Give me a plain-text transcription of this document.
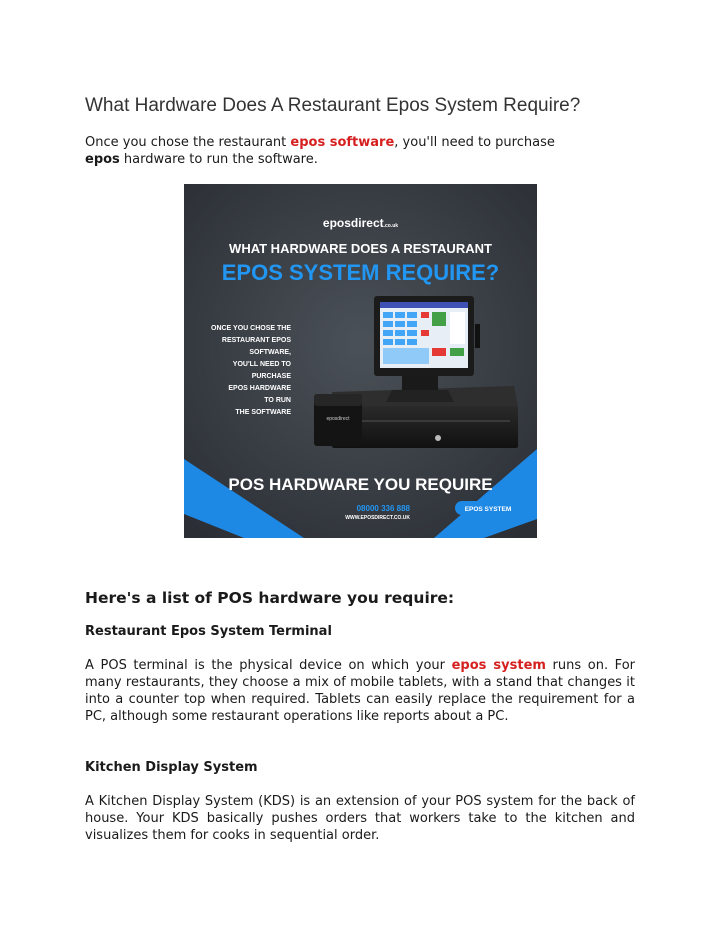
What Hardware Does A Restaurant Epos System Require?

Once you chose the restaurant epos software, you'll need to purchase epos hardware to run the software.

eposdirect.co.uk
WHAT HARDWARE DOES A RESTAURANT
EPOS SYSTEM REQUIRE?
ONCE YOU CHOSE THE
RESTAURANT EPOS
SOFTWARE,
YOU'LL NEED TO
PURCHASE
EPOS HARDWARE
TO RUN
THE SOFTWARE
eposdirect
POS HARDWARE YOU REQUIRE
08000 336 888
WWW.EPOSDIRECT.CO.UK
EPOS SYSTEM
Here's a list of POS hardware you require:
Restaurant Epos System Terminal

A POS terminal is the physical device on which your epos system runs on. For many restaurants, they choose a mix of mobile tablets, with a stand that changes it into a counter top when required. Tablets can easily replace the requirement for a PC, although some restaurant operations like reports about a PC.

Kitchen Display System

A Kitchen Display System (KDS) is an extension of your POS system for the back of house. Your KDS basically pushes orders that workers take to the kitchen and visualizes them for cooks in sequential order.
